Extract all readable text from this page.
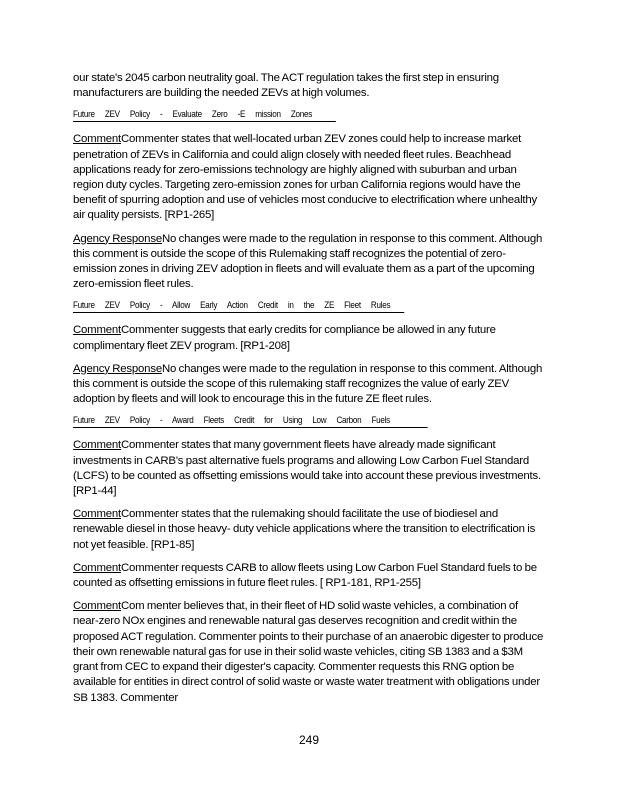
our state's 2045 carbon neutrality goal. The ACT regulation takes the first step in ensuring manufacturers are building the needed ZEVs at high volumes.

Future ZEV Policy - Evaluate Zero -E mission Zones

CommentCommenter states that well-located urban ZEV zones could help to increase market penetration of ZEVs in California and could align closely with needed fleet rules. Beachhead applications ready for zero-emissions technology are highly aligned with suburban and urban region duty cycles. Targeting zero-emission zones for urban California regions would have the benefit of spurring adoption and use of vehicles most conducive to electrification where unhealthy air quality persists. [RP1-265]

Agency ResponseNo changes were made to the regulation in response to this comment. Although this comment is outside the scope of this Rulemaking staff recognizes the potential of zero-emission zones in driving ZEV adoption in fleets and will evaluate them as a part of the upcoming zero-emission fleet rules.

Future ZEV Policy - Allow Early Action Credit in the ZE Fleet Rules

CommentCommenter suggests that early credits for compliance be allowed in any future complimentary fleet ZEV program. [RP1-208]

Agency ResponseNo changes were made to the regulation in response to this comment. Although this comment is outside the scope of this rulemaking staff recognizes the value of early ZEV adoption by fleets and will look to encourage this in the future ZE fleet rules.

Future ZEV Policy - Award Fleets Credit for Using Low Carbon Fuels

CommentCommenter states that many government fleets have already made significant investments in CARB's past alternative fuels programs and allowing Low Carbon Fuel Standard (LCFS) to be counted as offsetting emissions would take into account these previous investments. [RP1-44]

CommentCommenter states that the rulemaking should facilitate the use of biodiesel and renewable diesel in those heavy- duty vehicle applications where the transition to electrification is not yet feasible. [RP1-85]

CommentCommenter requests CARB to allow fleets using Low Carbon Fuel Standard fuels to be counted as offsetting emissions in future fleet rules. [ RP1-181, RP1-255]

CommentCom menter believes that, in their fleet of HD solid waste vehicles, a combination of near-zero NOx engines and renewable natural gas deserves recognition and credit within the proposed ACT regulation. Commenter points to their purchase of an anaerobic digester to produce their own renewable natural gas for use in their solid waste vehicles, citing SB 1383 and a $3M grant from CEC to expand their digester's capacity. Commenter requests this RNG option be available for entities in direct control of solid waste or waste water treatment with obligations under SB 1383. Commenter

249
